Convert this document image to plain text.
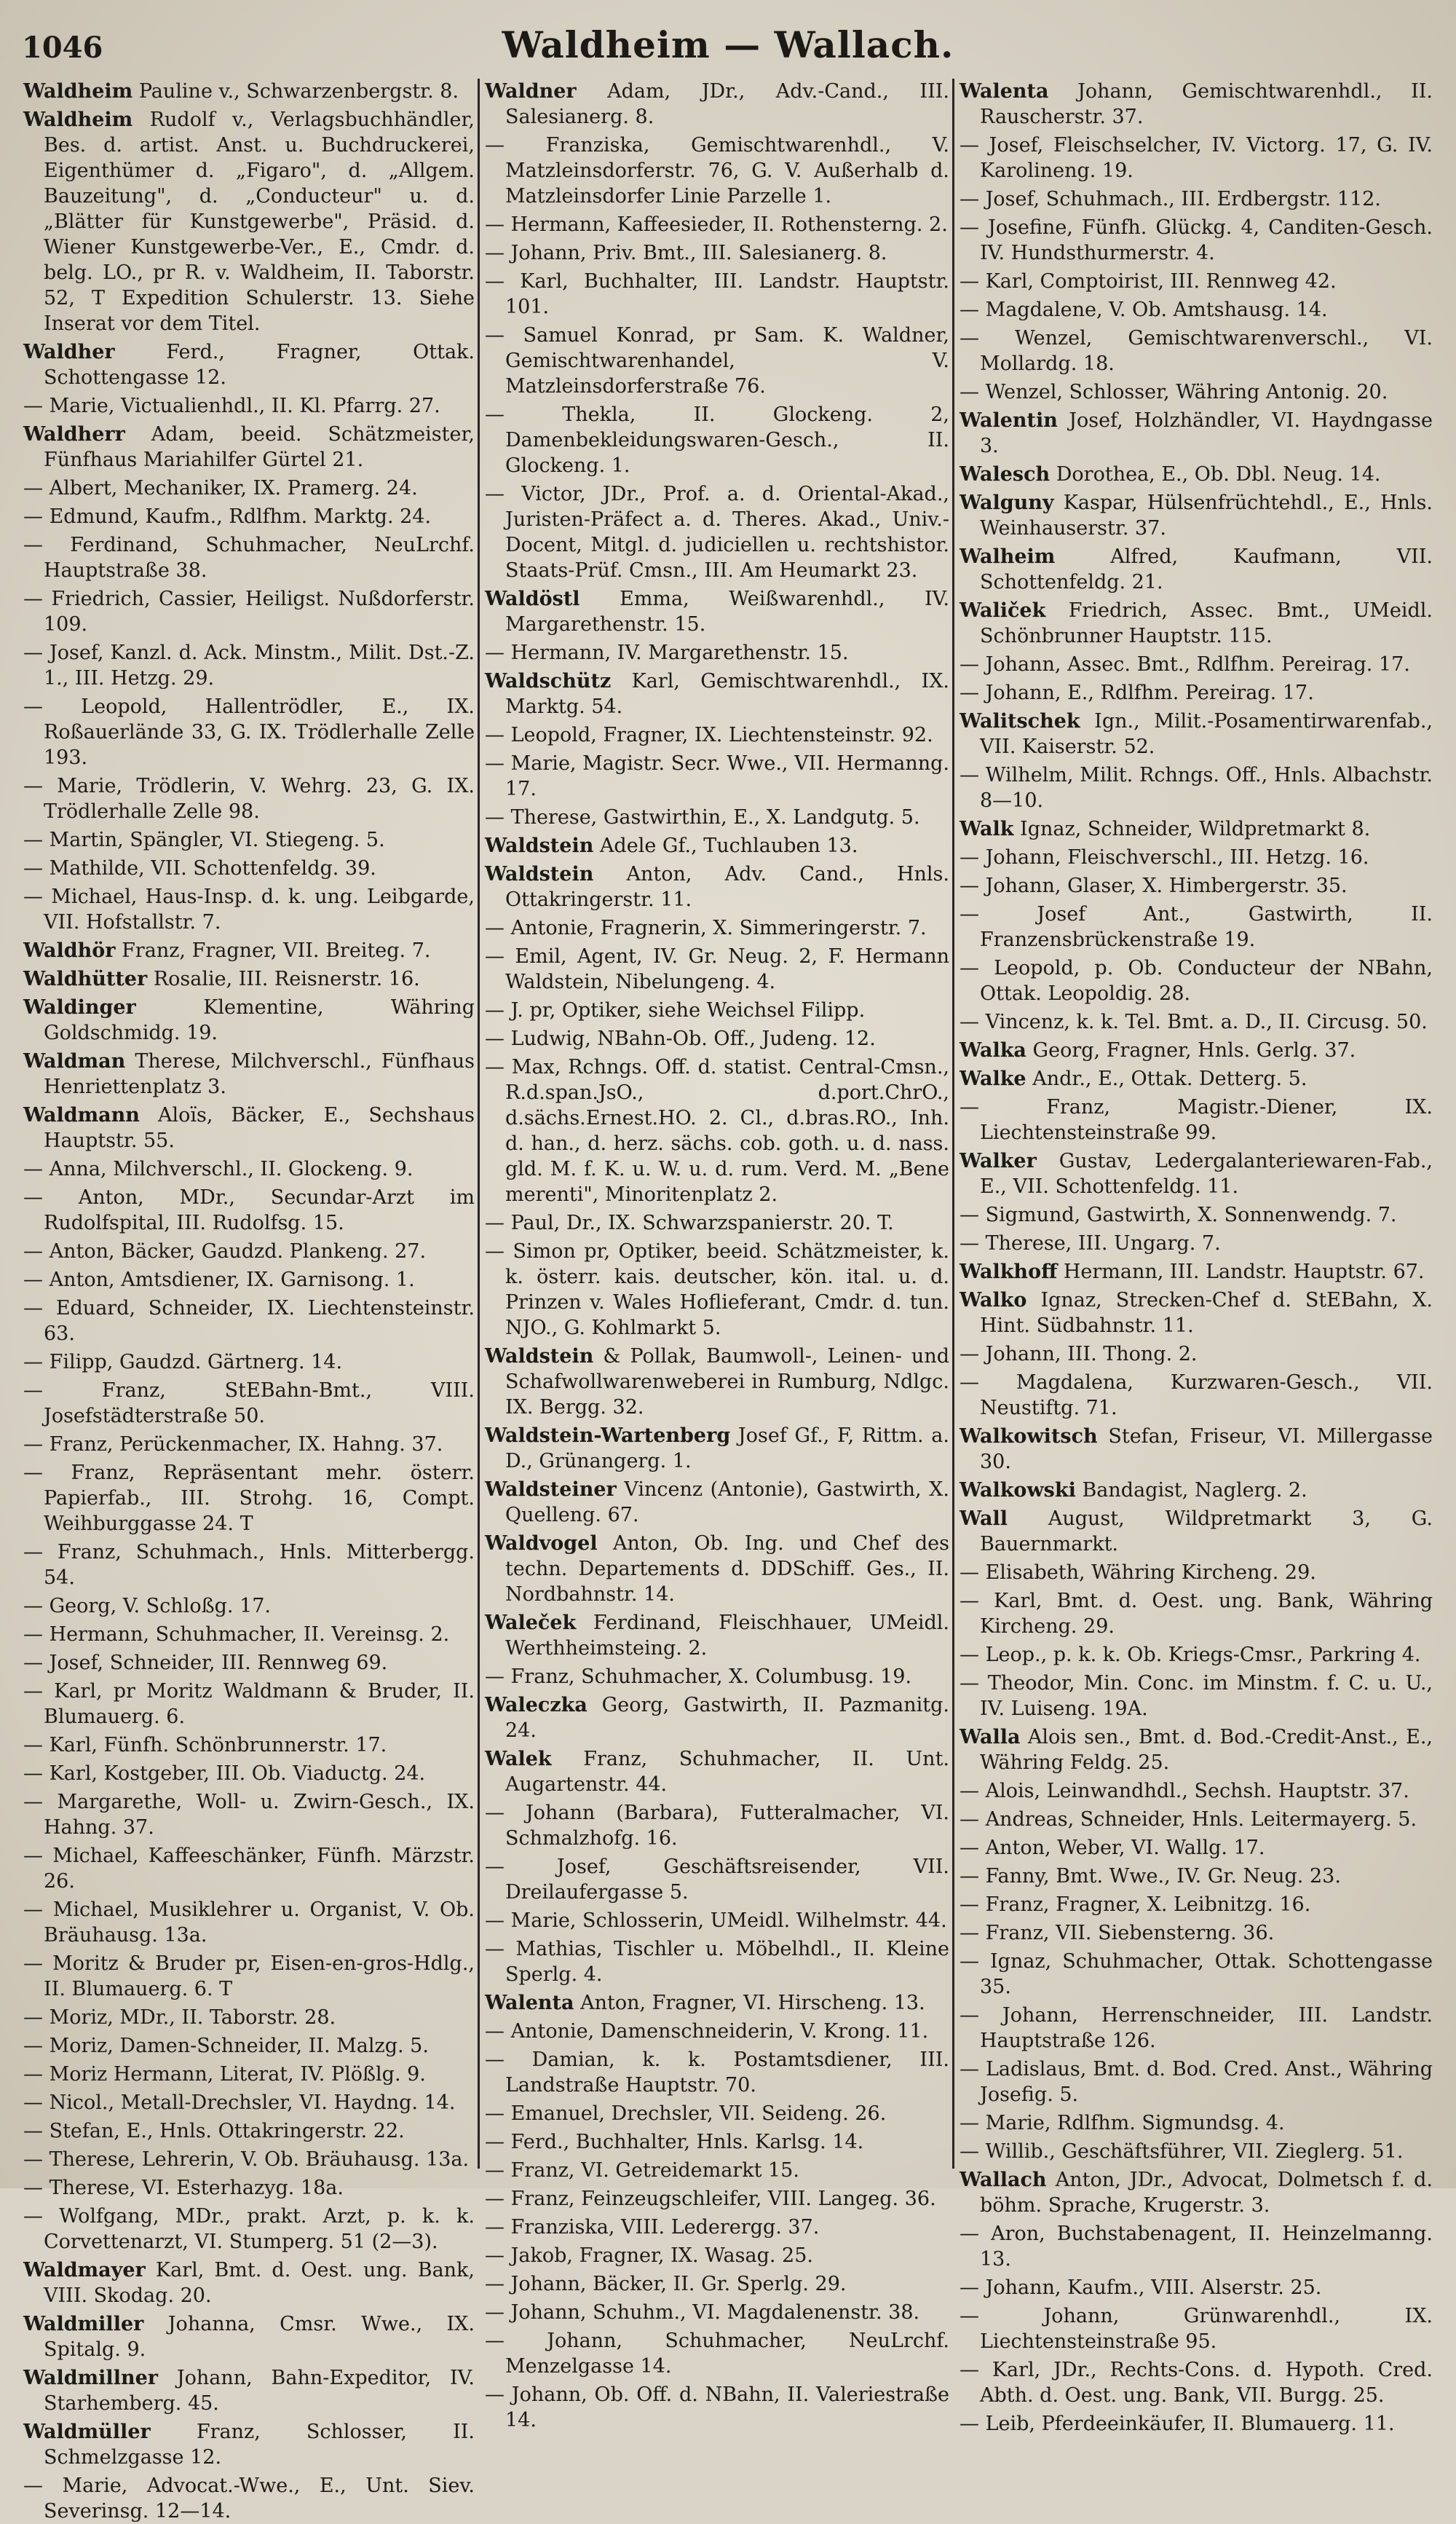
1046	Waldheim — Wallach.

Waldheim Pauline v., Schwarzenbergstr. 8.

Waldheim Rudolf v., Verlagsbuchhändler, Bes. d. artist. Anst. u. Buchdruckerei, Eigenthümer d. „Figaro", d. „Allgem. Bauzeitung", d. „Conducteur" u. d. „Blätter für Kunstgewerbe", Präsid. d. Wiener Kunstgewerbe-Ver., E., Cmdr. d. belg. LO., pr R. v. Waldheim, II. Taborstr. 52, T Expedition Schulerstr. 13. Siehe Inserat vor dem Titel.

Waldher	Ferd., Fragner, Ottak. Schottengasse 12.

— Marie, Victualienhdl., II. Kl. Pfarrg. 27.

Waldherr Adam, beeid. Schätzmeister, Fünfhaus Mariahilfer Gürtel 21.

— Albert, Mechaniker, IX. Pramerg. 24.

— Edmund, Kaufm., Rdlfhm. Marktg. 24.

— Ferdinand, Schuhmacher, NeuLrchf. Hauptstraße 38.

— Friedrich, Cassier, Heiligst. Nußdorferstr. 109.

— Josef, Kanzl. d. Ack. Minstm., Milit. Dst.-Z. 1., III. Hetzg. 29.

— Leopold, Hallentrödler, E., IX. Roßauerlände 33, G. IX. Trödlerhalle Zelle 193.

— Marie, Trödlerin, V. Wehrg. 23, G. IX. Trödlerhalle Zelle 98.

— Martin, Spängler, VI. Stiegeng. 5.

— Mathilde, VII. Schottenfeldg. 39.

— Michael, Haus-Insp. d. k. ung. Leibgarde, VII. Hofstallstr. 7.

Waldhör Franz, Fragner, VII. Breiteg. 7.

Waldhütter Rosalie, III. Reisnerstr. 16.

Waldinger	Klementine, Währing Goldschmidg. 19.

Waldman Therese, Milchverschl., Fünfhaus Henriettenplatz 3.

Waldmann Aloïs, Bäcker, E., Sechshaus Hauptstr. 55.

— Anna, Milchverschl., II. Glockeng. 9.

— Anton, MDr., Secundar-Arzt im Rudolfspital, III. Rudolfsg. 15.

— Anton, Bäcker, Gaudzd. Plankeng. 27.

— Anton, Amtsdiener, IX. Garnisong. 1.

— Eduard, Schneider, IX. Liechtensteinstr. 63.

— Filipp, Gaudzd. Gärtnerg. 14.

— Franz, StEBahn-Bmt., VIII. Josefstädterstraße 50.

— Franz, Perückenmacher, IX. Hahng. 37.

— Franz, Repräsentant mehr. österr. Papierfab., III. Strohg. 16, Compt. Weihburggasse 24. T

— Franz, Schuhmach., Hnls. Mitterbergg. 54.

— Georg, V. Schloßg. 17.

— Hermann, Schuhmacher, II. Vereinsg. 2.

— Josef, Schneider, III. Rennweg 69.

— Karl, pr Moritz Waldmann & Bruder, II. Blumauerg. 6.

— Karl, Fünfh. Schönbrunnerstr. 17.

— Karl, Kostgeber, III. Ob. Viaductg. 24.

— Margarethe, Woll- u. Zwirn-Gesch., IX. Hahng. 37.

— Michael, Kaffeeschänker, Fünfh. Märzstr. 26.

— Michael, Musiklehrer u. Organist, V. Ob. Bräuhausg. 13a.

— Moritz & Bruder pr, Eisen-en-gros-Hdlg., II. Blumauerg. 6. T

— Moriz, MDr., II. Taborstr. 28.

— Moriz, Damen-Schneider, II. Malzg. 5.

— Moriz Hermann, Literat, IV. Plößlg. 9.

— Nicol., Metall-Drechsler, VI. Haydng. 14.

— Stefan, E., Hnls. Ottakringerstr. 22.

— Therese, Lehrerin, V. Ob. Bräuhausg. 13a.

— Therese, VI. Esterhazyg. 18a.

— Wolfgang, MDr., prakt. Arzt, p. k. k. Corvettenarzt, VI. Stumperg. 51 (2—3).

Waldmayer Karl, Bmt. d. Oest. ung. Bank, VIII. Skodag. 20.

Waldmiller Johanna, Cmsr. Wwe., IX. Spitalg. 9.

Waldmillner Johann, Bahn-Expeditor, IV. Starhemberg. 45.

Waldmüller Franz, Schlosser, II. Schmelzgasse 12.

— Marie, Advocat.-Wwe., E., Unt. Siev. Severinsg. 12—14.

Waldner Adam, JDr., Adv.-Cand., III. Salesianerg. 8.

— Franziska, Gemischtwarenhdl., V. Matzleinsdorferstr. 76, G. V. Außerhalb d. Matzleinsdorfer Linie Parzelle 1.

— Hermann, Kaffeesieder, II. Rothensterng. 2.

— Johann, Priv. Bmt., III. Salesianerg. 8.

— Karl, Buchhalter, III. Landstr. Hauptstr. 101.

— Samuel Konrad, pr Sam. K. Waldner, Gemischtwarenhandel, V. Matzleinsdorferstraße 76.

— Thekla, II. Glockeng. 2, Damenbekleidungswaren-Gesch., II. Glockeng. 1.

— Victor, JDr., Prof. a. d. Oriental-Akad., Juristen-Präfect a. d. Theres. Akad., Univ.-Docent, Mitgl. d. judiciellen u. rechtshistor. Staats-Prüf. Cmsn., III. Am Heumarkt 23.

Waldöstl Emma, Weißwarenhdl., IV. Margarethenstr. 15.

— Hermann, IV. Margarethenstr. 15.

Waldschütz Karl, Gemischtwarenhdl., IX. Marktg. 54.

— Leopold, Fragner, IX. Liechtensteinstr. 92.

— Marie, Magistr. Secr. Wwe., VII. Hermanng. 17.

— Therese, Gastwirthin, E., X. Landgutg. 5.

Waldstein Adele Gf., Tuchlauben 13.

Waldstein Anton, Adv. Cand., Hnls. Ottakringerstr. 11.

— Antonie, Fragnerin, X. Simmeringerstr. 7.

— Emil, Agent, IV. Gr. Neug. 2, F. Hermann Waldstein, Nibelungeng. 4.

— J. pr, Optiker, siehe Weichsel Filipp.

— Ludwig, NBahn-Ob. Off., Judeng. 12.

— Max, Rchngs. Off. d. statist. Central-Cmsn., R.d.span.JsO., d.port.ChrO., d.sächs.Ernest.HO. 2. Cl., d.bras.RO., Inh. d. han., d. herz. sächs. cob. goth. u. d. nass. gld. M. f. K. u. W. u. d. rum. Verd. M. „Bene merenti", Minoritenplatz 2.

— Paul, Dr., IX. Schwarzspanierstr. 20. T.

— Simon pr, Optiker, beeid. Schätzmeister, k. k. österr. kais. deutscher, kön. ital. u. d. Prinzen v. Wales Hoflieferant, Cmdr. d. tun. NJO., G. Kohlmarkt 5.

Waldstein & Pollak, Baumwoll-, Leinen- und Schafwollwarenweberei in Rumburg, Ndlgc. IX. Bergg. 32.

Waldstein-Wartenberg Josef Gf., F, Rittm. a. D., Grünangerg. 1.

Waldsteiner Vincenz (Antonie), Gastwirth, X. Quelleng. 67.

Waldvogel Anton, Ob. Ing. und Chef des techn. Departements d. DDSchiff. Ges., II. Nordbahnstr. 14.

Waleček Ferdinand, Fleischhauer, UMeidl. Werthheimsteing. 2.

— Franz, Schuhmacher, X. Columbusg. 19.

Waleczka Georg, Gastwirth, II. Pazmanitg. 24.

Walek Franz, Schuhmacher, II. Unt. Augartenstr. 44.

— Johann (Barbara), Futteralmacher, VI. Schmalzhofg. 16.

— Josef, Geschäftsreisender, VII. Dreilaufergasse 5.

— Marie, Schlosserin, UMeidl. Wilhelmstr. 44.

— Mathias, Tischler u. Möbelhdl., II. Kleine Sperlg. 4.

Walenta Anton, Fragner, VI. Hirscheng. 13.

— Antonie, Damenschneiderin, V. Krong. 11.

— Damian, k. k. Postamtsdiener, III. Landstraße Hauptstr. 70.

— Emanuel, Drechsler, VII. Seideng. 26.

— Ferd., Buchhalter, Hnls. Karlsg. 14.

— Franz, VI. Getreidemarkt 15.

— Franz, Feinzeugschleifer, VIII. Langeg. 36.

— Franziska, VIII. Lederergg. 37.

— Jakob, Fragner, IX. Wasag. 25.

— Johann, Bäcker, II. Gr. Sperlg. 29.

— Johann, Schuhm., VI. Magdalenenstr. 38.

— Johann, Schuhmacher, NeuLrchf. Menzelgasse 14.

— Johann, Ob. Off. d. NBahn, II. Valeriestraße 14.

Walenta Johann, Gemischtwarenhdl., II. Rauscherstr. 37.

— Josef, Fleischselcher, IV. Victorg. 17, G. IV. Karolineng. 19.

— Josef, Schuhmach., III. Erdbergstr. 112.

— Josefine, Fünfh. Glückg. 4, Canditen-Gesch. IV. Hundsthurmerstr. 4.

— Karl, Comptoirist, III. Rennweg 42.

— Magdalene, V. Ob. Amtshausg. 14.

— Wenzel, Gemischtwarenverschl., VI. Mollardg. 18.

— Wenzel, Schlosser, Währing Antonig. 20.

Walentin Josef, Holzhändler, VI. Haydngasse 3.

Walesch Dorothea, E., Ob. Dbl. Neug. 14.

Walguny Kaspar, Hülsenfrüchtehdl., E., Hnls. Weinhauserstr. 37.

Walheim	Alfred, Kaufmann, VII. Schottenfeldg. 21.

Waliček Friedrich, Assec. Bmt., UMeidl. Schönbrunner Hauptstr. 115.

— Johann, Assec. Bmt., Rdlfhm. Pereirag. 17.

— Johann, E., Rdlfhm. Pereirag. 17.

Walitschek Ign., Milit.-Posamentirwarenfab., VII. Kaiserstr. 52.

— Wilhelm, Milit. Rchngs. Off., Hnls. Albachstr. 8—10.

Walk Ignaz, Schneider, Wildpretmarkt 8.

— Johann, Fleischverschl., III. Hetzg. 16.

— Johann, Glaser, X. Himbergerstr. 35.

— Josef Ant., Gastwirth, II. Franzensbrückenstraße 19.

— Leopold, p. Ob. Conducteur der NBahn, Ottak. Leopoldig. 28.

— Vincenz, k. k. Tel. Bmt. a. D., II. Circusg. 50.

Walka Georg, Fragner, Hnls. Gerlg. 37.

Walke Andr., E., Ottak. Detterg. 5.

— Franz, Magistr.-Diener, IX. Liechtensteinstraße 99.

Walker Gustav, Ledergalanteriewaren-Fab., E., VII. Schottenfeldg. 11.

— Sigmund, Gastwirth, X. Sonnenwendg. 7.

— Therese, III. Ungarg. 7.

Walkhoff Hermann, III. Landstr. Hauptstr. 67.

Walko Ignaz, Strecken-Chef d. StEBahn, X. Hint. Südbahnstr. 11.

— Johann, III. Thong. 2.

— Magdalena, Kurzwaren-Gesch., VII. Neustiftg. 71.

Walkowitsch Stefan, Friseur, VI. Millergasse 30.

Walkowski Bandagist, Naglerg. 2.

Wall August, Wildpretmarkt 3, G. Bauernmarkt.

— Elisabeth, Währing Kircheng. 29.

— Karl, Bmt. d. Oest. ung. Bank, Währing Kircheng. 29.

— Leop., p. k. k. Ob. Kriegs-Cmsr., Parkring 4.

— Theodor, Min. Conc. im Minstm. f. C. u. U., IV. Luiseng. 19A.

Walla Alois sen., Bmt. d. Bod.-Credit-Anst., E., Währing Feldg. 25.

— Alois, Leinwandhdl., Sechsh. Hauptstr. 37.

— Andreas, Schneider, Hnls. Leitermayerg. 5.

— Anton, Weber, VI. Wallg. 17.

— Fanny, Bmt. Wwe., IV. Gr. Neug. 23.

— Franz, Fragner, X. Leibnitzg. 16.

— Franz, VII. Siebensterng. 36.

— Ignaz, Schuhmacher, Ottak. Schottengasse 35.

— Johann, Herrenschneider, III. Landstr. Hauptstraße 126.

— Ladislaus, Bmt. d. Bod. Cred. Anst., Währing Josefig. 5.

— Marie, Rdlfhm. Sigmundsg. 4.

— Willib., Geschäftsführer, VII. Zieglerg. 51.

Wallach Anton, JDr., Advocat, Dolmetsch f. d. böhm. Sprache, Krugerstr. 3.

— Aron, Buchstabenagent, II. Heinzelmanng. 13.

— Johann, Kaufm., VIII. Alserstr. 25.

— Johann, Grünwarenhdl., IX. Liechtensteinstraße 95.

— Karl, JDr., Rechts-Cons. d. Hypoth. Cred. Abth. d. Oest. ung. Bank, VII. Burgg. 25.

— Leib, Pferdeeinkäufer, II. Blumauerg. 11.
